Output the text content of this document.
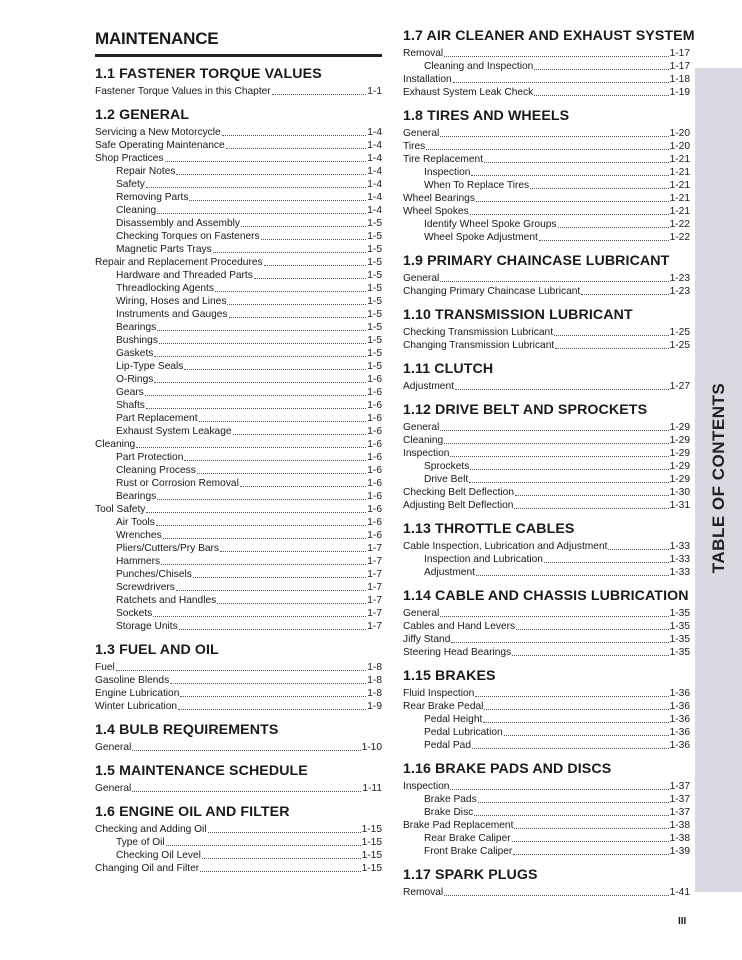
TABLE OF CONTENTS
MAINTENANCE
1.1 FASTENER TORQUE VALUES
Fastener Torque Values in this Chapter	1-1
1.2 GENERAL
Servicing a New Motorcycle	1-4
Safe Operating Maintenance	1-4
Shop Practices	1-4
Repair Notes	1-4
Safety	1-4
Removing Parts	1-4
Cleaning	1-4
Disassembly and Assembly	1-5
Checking Torques on Fasteners	1-5
Magnetic Parts Trays	1-5
Repair and Replacement Procedures	1-5
Hardware and Threaded Parts	1-5
Threadlocking Agents	1-5
Wiring, Hoses and Lines	1-5
Instruments and Gauges	1-5
Bearings	1-5
Bushings	1-5
Gaskets	1-5
Lip-Type Seals	1-5
O-Rings	1-6
Gears	1-6
Shafts	1-6
Part Replacement	1-6
Exhaust System Leakage	1-6
Cleaning	1-6
Part Protection	1-6
Cleaning Process	1-6
Rust or Corrosion Removal	1-6
Bearings	1-6
Tool Safety	1-6
Air Tools	1-6
Wrenches	1-6
Pliers/Cutters/Pry Bars	1-7
Hammers	1-7
Punches/Chisels	1-7
Screwdrivers	1-7
Ratchets and Handles	1-7
Sockets	1-7
Storage Units	1-7
1.3 FUEL AND OIL
Fuel	1-8
Gasoline Blends	1-8
Engine Lubrication	1-8
Winter Lubrication	1-9
1.4 BULB REQUIREMENTS
General	1-10
1.5 MAINTENANCE SCHEDULE
General	1-11
1.6 ENGINE OIL AND FILTER
Checking and Adding Oil	1-15
Type of Oil	1-15
Checking Oil Level	1-15
Changing Oil and Filter	1-15
1.7 AIR CLEANER AND EXHAUST SYSTEM
Removal	1-17
Cleaning and Inspection	1-17
Installation	1-18
Exhaust System Leak Check	1-19
1.8 TIRES AND WHEELS
General	1-20
Tires	1-20
Tire Replacement	1-21
Inspection	1-21
When To Replace Tires	1-21
Wheel Bearings	1-21
Wheel Spokes	1-21
Identify Wheel Spoke Groups	1-22
Wheel Spoke Adjustment	1-22
1.9 PRIMARY CHAINCASE LUBRICANT
General	1-23
Changing Primary Chaincase Lubricant	1-23
1.10 TRANSMISSION LUBRICANT
Checking Transmission Lubricant	1-25
Changing Transmission Lubricant	1-25
1.11 CLUTCH
Adjustment	1-27
1.12 DRIVE BELT AND SPROCKETS
General	1-29
Cleaning	1-29
Inspection	1-29
Sprockets	1-29
Drive Belt	1-29
Checking Belt Deflection	1-30
Adjusting Belt Deflection	1-31
1.13 THROTTLE CABLES
Cable Inspection, Lubrication and Adjustment	1-33
Inspection and Lubrication	1-33
Adjustment	1-33
1.14 CABLE AND CHASSIS LUBRICATION
General	1-35
Cables and Hand Levers	1-35
Jiffy Stand	1-35
Steering Head Bearings	1-35
1.15 BRAKES
Fluid Inspection	1-36
Rear Brake Pedal	1-36
Pedal Height	1-36
Pedal Lubrication	1-36
Pedal Pad	1-36
1.16 BRAKE PADS AND DISCS
Inspection	1-37
Brake Pads	1-37
Brake Disc	1-37
Brake Pad Replacement	1-38
Rear Brake Caliper	1-38
Front Brake Caliper	1-39
1.17 SPARK PLUGS
Removal	1-41
III
